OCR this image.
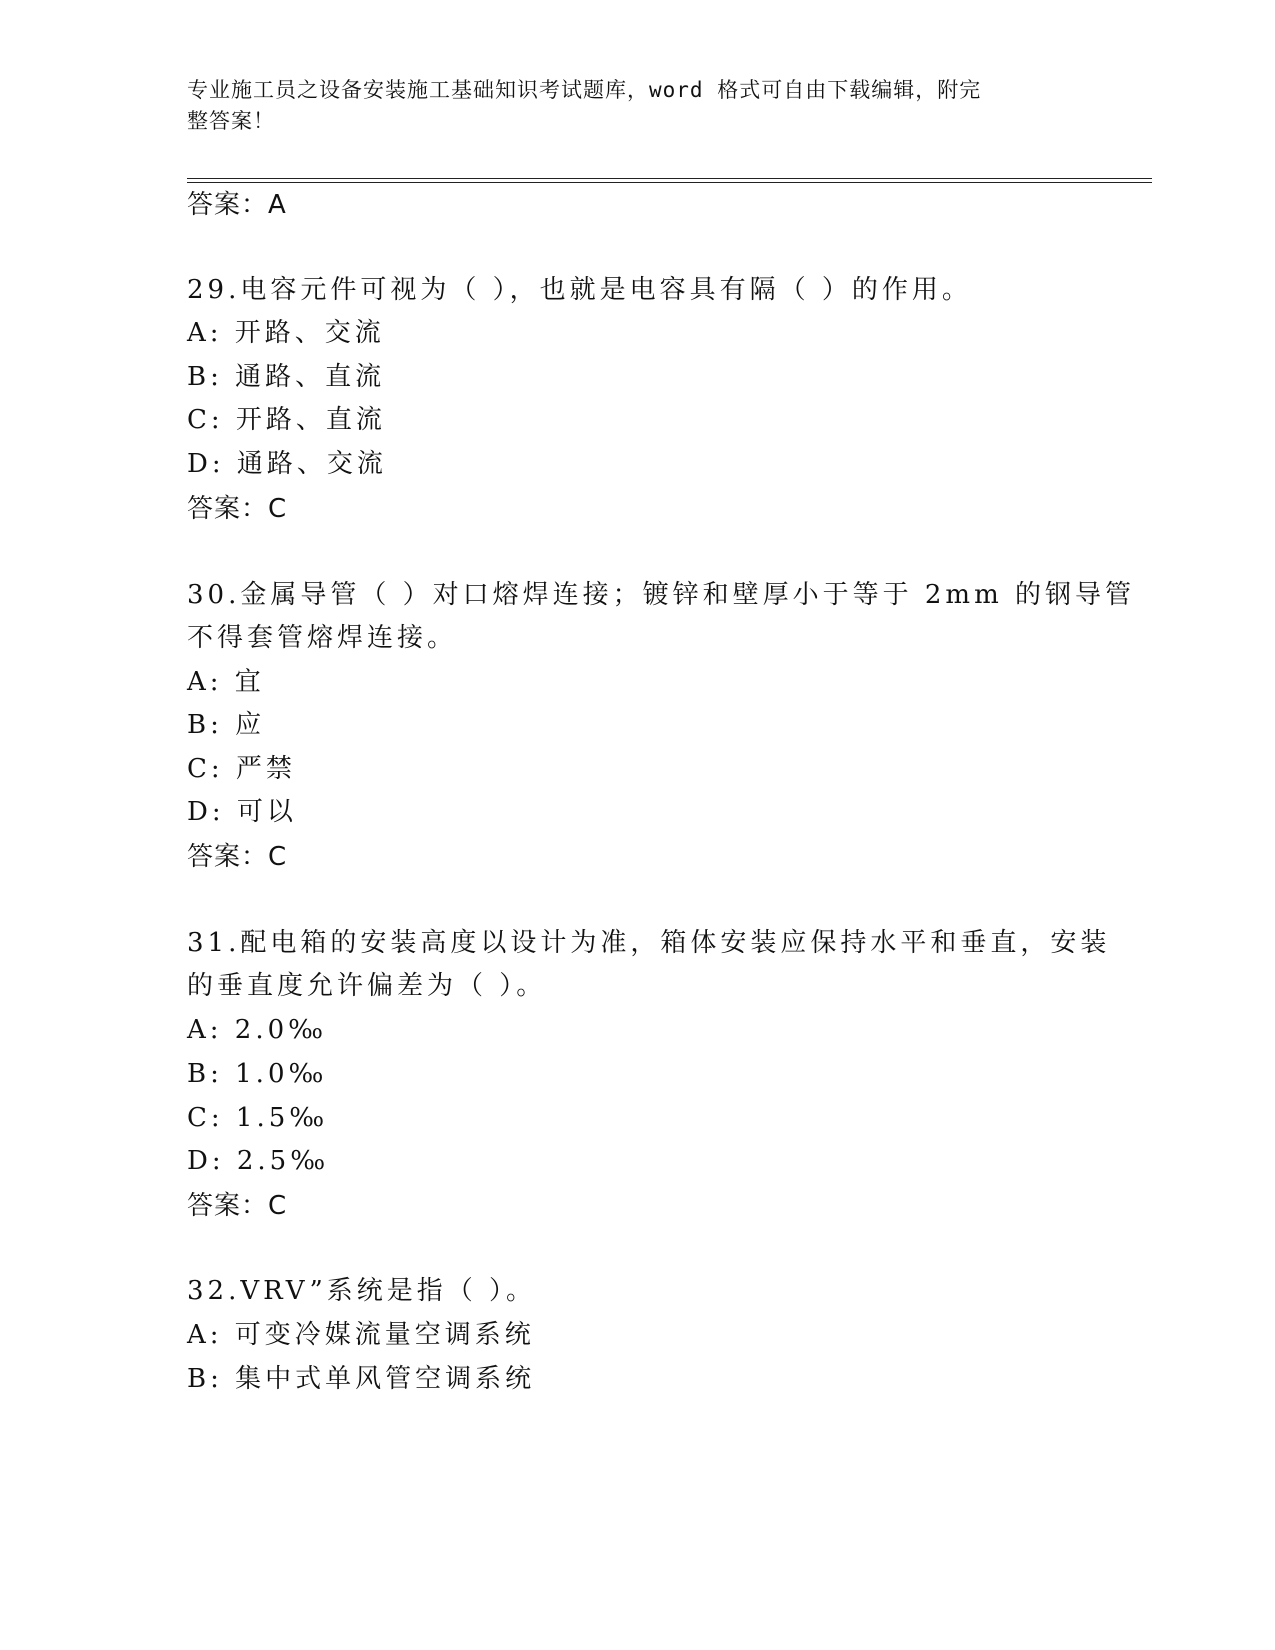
专业施工员之设备安装施工基础知识考试题库，word 格式可自由下载编辑，附完
整答案！
答案：A
29.电容元件可视为（ ），也就是电容具有隔（ ）的作用。
A: 开路、交流
B: 通路、直流
C: 开路、直流
D: 通路、交流
答案：C
30.金属导管（ ）对口熔焊连接；镀锌和壁厚小于等于 2mm 的钢导管
不得套管熔焊连接。
A: 宜
B: 应
C: 严禁
D: 可以
答案：C
31.配电箱的安装高度以设计为准，箱体安装应保持水平和垂直，安装
的垂直度允许偏差为（ ）。
A: 2.0‰
B: 1.0‰
C: 1.5‰
D: 2.5‰
答案：C
32.VRV”系统是指（ ）。
A: 可变冷媒流量空调系统
B: 集中式单风管空调系统
